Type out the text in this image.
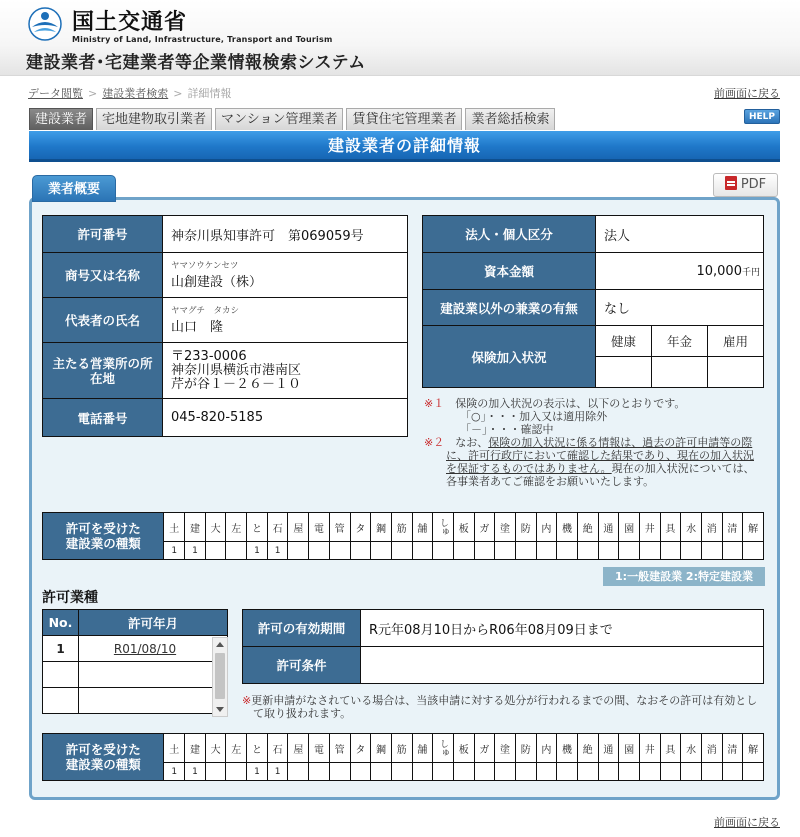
国土交通省
Ministry of Land, Infrastructure, Transport and Tourism
建設業者･宅建業者等企業情報検索システム
データ閲覧 > 建設業者検索 > 詳細情報	前画面に戻る
建設業者	宅地建物取引業者	マンション管理業者	賃貸住宅管理業者	業者総括検索	HELP
建設業者の詳細情報
業者概要	PDF
許可番号	神奈川県知事許可　第069059号
商号又は名称	ヤマソウケンセツ
山創建設（株）
代表者の氏名	ヤマグチ　タカシ
山口　隆
主たる営業所の所在地	〒233-0006
神奈川県横浜市港南区
芹が谷１－２６－１０

電話番号	045-820-5185
法人・個人区分	法人		
資本金額	10,000千円		
建設業以外の兼業の有無	なし		
保険加入状況	健康	年金	雇用

※１　 保険の加入状況の表示は、以下のとおりです。
「○」・・・加入又は適用除外
「－」・・・確認中
※２　 なお、保険の加入状況に係る情報は、過去の許可申請等の際に、許可行政庁において確認した結果であり、現在の加入状況を保証するものではありません。現在の加入状況については、各事業者あてご確認をお願いいたします。
許可を受けた
建設業の種類	土	建	大	左	と	石	屋	電	管	タ	鋼	筋	舗	しゅ	板	ガ	塗	防	内	機	絶	通	園	井	具	水	消	清	解
	1	1			1	1																							
1:一般建設業 2:特定建設業
許可業種
No.	許可年月
1	R01/08/10

許可の有効期間	R元年08月10日からR06年08月09日まで
許可条件	
※更新申請がなされている場合は、当該申請に対する処分が行われるまでの間、なおその許可は有効として取り扱われます。
許可を受けた
建設業の種類	土	建	大	左	と	石	屋	電	管	タ	鋼	筋	舗	しゅ	板	ガ	塗	防	内	機	絶	通	園	井	具	水	消	清	解
	1	1			1	1																							
前画面に戻る
